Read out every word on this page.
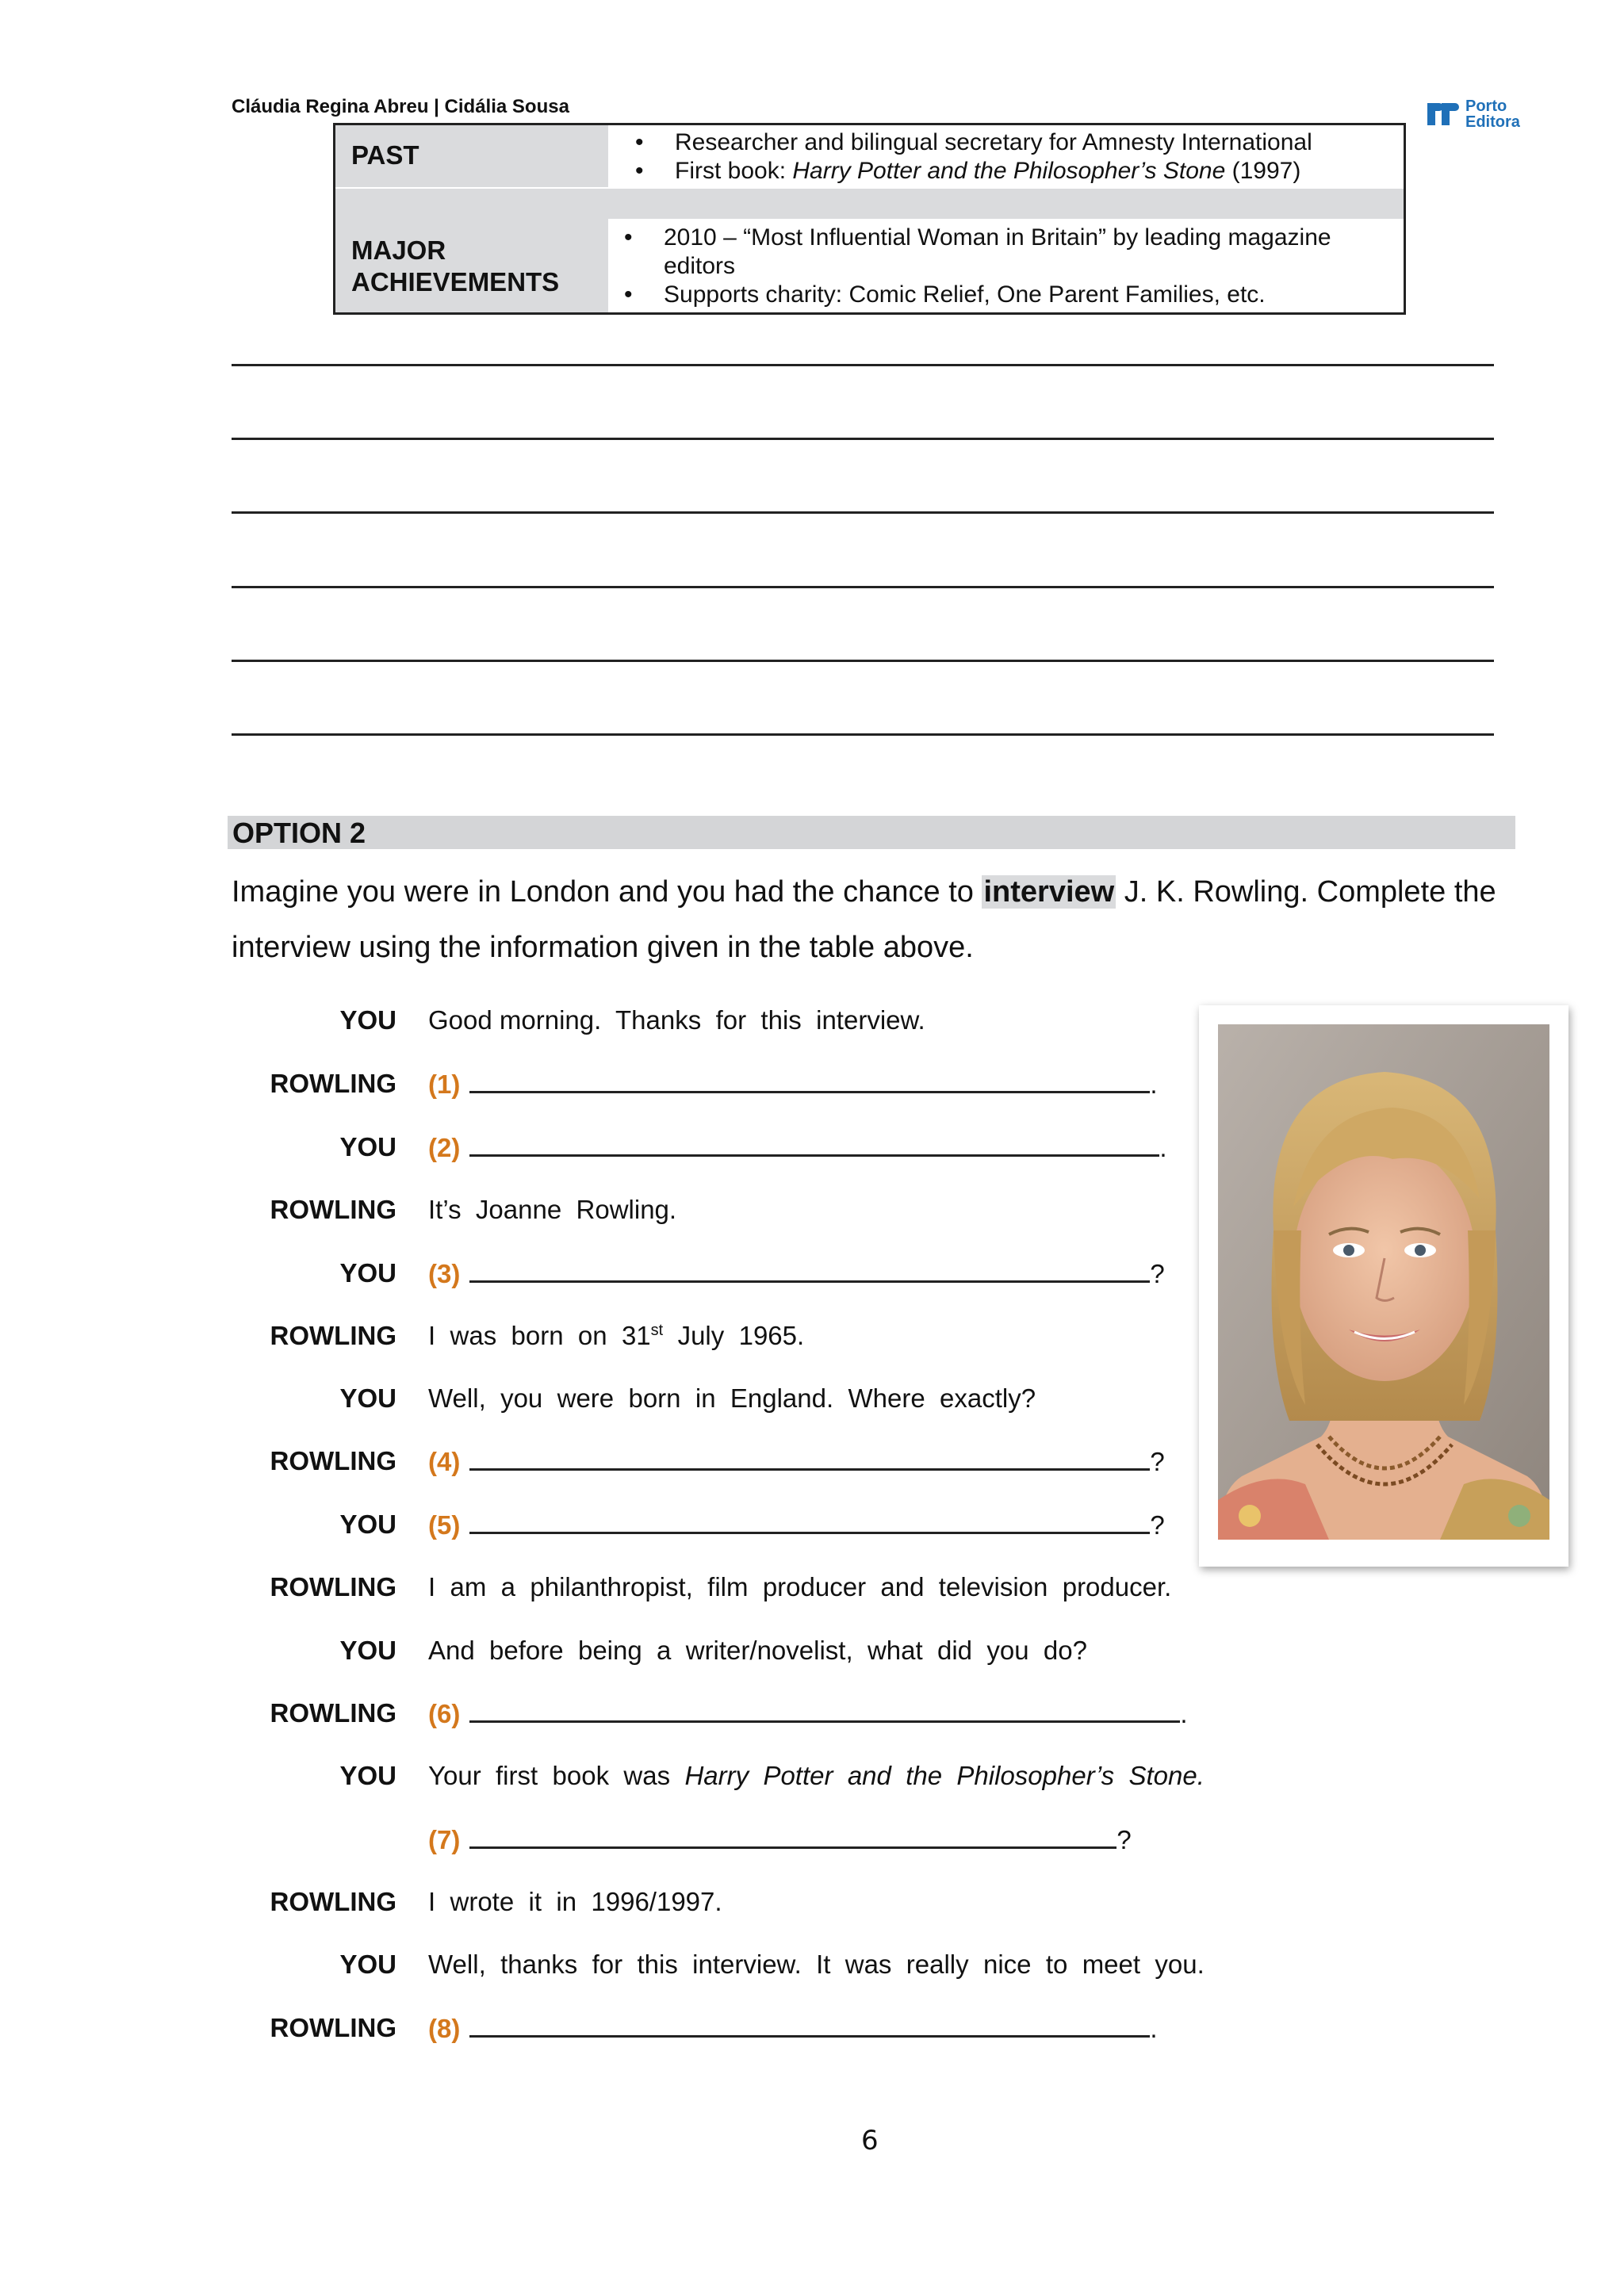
Cláudia Regina Abreu | Cidália Sousa	Porto
Editora
PAST
•	Researcher and bilingual secretary for Amnesty International
• First book: Harry Potter and the Philosopher’s Stone (1997)
MAJOR
ACHIEVEMENTS
• 2010 – “Most Influential Woman in Britain” by leading magazine editors
• Supports charity: Comic Relief, One Parent Families, etc.
OPTION 2
Imagine you were in London and you had the chance to interview J. K. Rowling. Complete the interview using the information given in the table above.
YOU Good morning.  Thanks  for  this  interview.
ROWLING (1)	.
YOU (2)	.
ROWLING It’s  Joanne  Rowling.
YOU (3)	?
ROWLING I  was  born  on  31st  July  1965.
YOU Well,  you  were  born  in  England.  Where  exactly?
ROWLING (4)	?
YOU (5)	?
ROWLING I  am  a  philanthropist,  film  producer  and  television  producer.
YOU And  before  being  a  writer/novelist,  what  did  you  do?
ROWLING (6)	.
YOU Your  first  book  was  Harry  Potter  and  the  Philosopher’s  Stone.
(7)	?
ROWLING I  wrote  it  in  1996/1997.
YOU Well,  thanks  for  this  interview.  It  was  really  nice  to  meet  you.
ROWLING (8)	.
6
